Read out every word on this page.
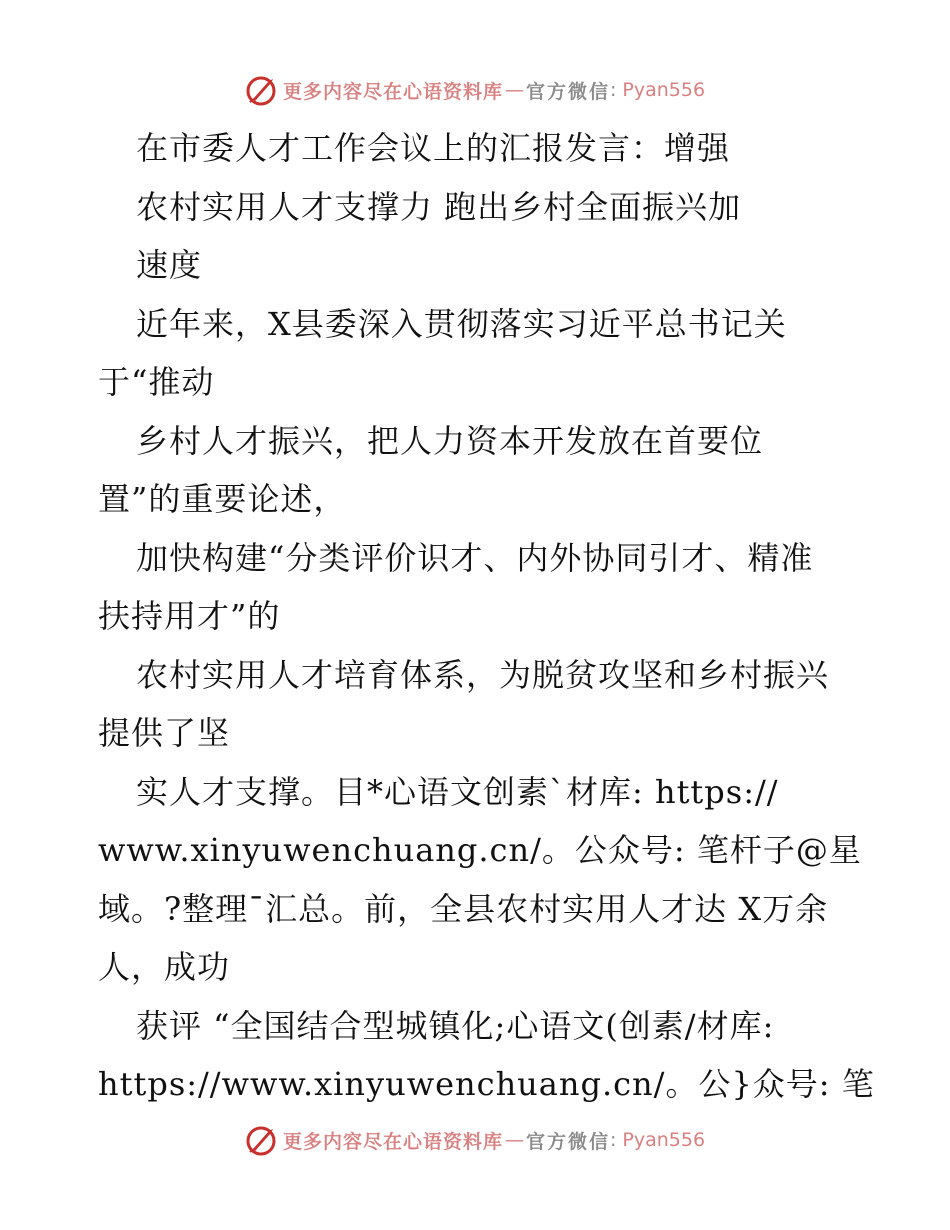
更多内容尽在心语资料库 — 官方微信 : Pyan556
在市委人才工作会议上的汇报发言：增强
农村实用人才支撑力 跑出乡村全面振兴加
速度
近年来，X县委深入贯彻落实习近平总书记关
于“推动
乡村人才振兴，把人力资本开发放在首要位
置”的重要论述，
加快构建“分类评价识才、内外协同引才、精准
扶持用才”的
农村实用人才培育体系，为脱贫攻坚和乡村振兴
提供了坚
实人才支撑。目*心语文创素`材库: https://
www.xinyuwenchuang.cn/。公众号: 笔杆子@星
域。?整理¯汇总。前，全县农村实用人才达 X万余
人，成功
获评 “全国结合型城镇化;心语文(创素/材库:
https://www.xinyuwenchuang.cn/。公}众号: 笔
更多内容尽在心语资料库 — 官方微信 : Pyan556
